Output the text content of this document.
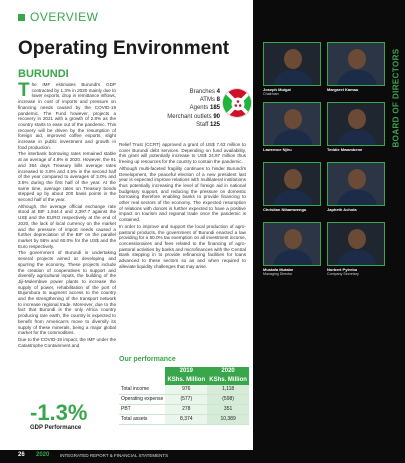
OVERVIEW
Operating Environment
BURUNDI

T he IMF estimates Burundi's GDP contracted by 1.3% in 2020 mainly due to lower exports, drop in remittance inflows, increase in cost of imports and pressure on financing needs caused by the COVID-19 pandemic. The Fund however, projects a recovery in 2021 with a growth of 2.8% as the country starts to ease out of the pandemic. This recovery will be driven by the resumption of foreign aid, improved coffee exports, slight increase in public investment and growth in food production.

The interbank borrowing rates remained stable at an average of 4.8% in 2020. However, the 91 and 364 days Treasury bills average rates increased to 3.8% and 4.5% in the second half of the year compared to averages of 3.0% and 3.5% during the first half of the year. At the same time, average rates on Treasury bonds stepped up by about 200 basis points in the second half of the year.

Although, the average official exchange rate stood at BIF 1,944.4 and 2,397.7 against the US$ and the EURO respectively at the end of 2020, the lack of local currency on the market and the pressure of import needs caused a further depreciation of the BIF on the parallel market by 58% and 60.0% for the US$ and the Euro respectively.

The government of Burundi is undertaking several projects aimed at developing and spurring the economy. These projects include the creation of cooperatives to support and diversify agricultural inputs, the building of the Jiji-Mulembwe power plants to increase the supply of power, rehabilitation of the port of Bujumbura to augment access to the country and the strengthening of the transport network to increase regional trade. Moreover, due to the fact that Burundi is the only Africa country producing rare earth, the country is expected to benefit from American's move to diversify its supply of these minerals, being a major global market for the commodities.

Due to the COVID-19 impact, the IMF under the Catastrophe Containment and

Branches 4
ATMs 8
Agents 185
Merchant outlets 90
Staff 125

Relief Trust (CCRT) approved a grant of US$ 7.63 million to cover Burundi debt services. Depending on fund availability, this grant will potentially increase to US$ 24.97 million thus freeing up resources for the country to contain the pandemic.

Although multi-faceted fragility continues to hinder Burundi's Development, the peaceful election of a new president last year is expected improve relations with multilateral institutions thus potentially increasing the level of foreign aid in national budgetary support, and reducing the pressure on domestic borrowing therefore enabling banks to provide financing to other real sectors of the economy. The expected resumption of relations with donors is further expected to have a positive impact on tourism and regional trade once the pandemic is contained.

In order to improve and support the local production of agro-pastoral products, the government of Burundi enacted a law providing for a 50.0% tax exemption on all investment income, concessionaires and fees related to the financing of agro-pastoral activities by banks and microfinances with the Central Bank stepping in to provide refinancing facilities for loans advanced to these sectors so as and when required to alleviate liquidity challenges that may arise.

Our performance
	2019	2020
	KShs. Million	KShs. Million
Total income	976	1,118
Operating expense	(577)	(598)
PBT	278	351
Total assets	8,374	10,389
-1.3%
GDP Performance
BOARD OF DIRECTORS
Joseph Muigai
Chairman
Margaret Kamau
Lawrence Njiru	Teddie Mwambene
Christian Nibamwengu	Japheth Achola
Mustafa Mutabe
Managing Director
Norbert Pyirebo
Company Secretary
26 2020 INTEGRATED REPORT & FINANCIAL STATEMENTS
